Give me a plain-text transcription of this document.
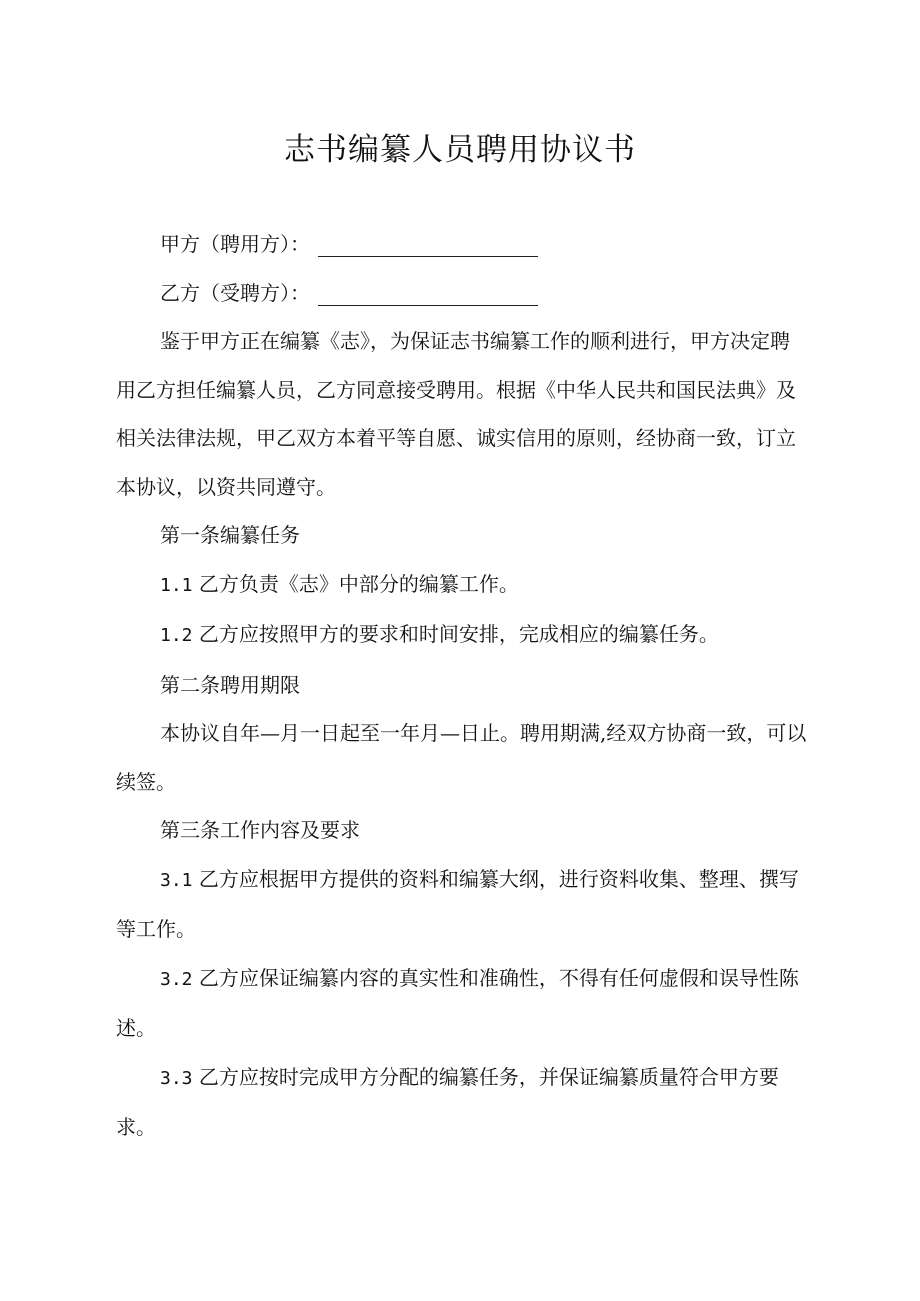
志书编纂人员聘用协议书
甲方（聘用方）：
乙方（受聘方）：
鉴于甲方正在编纂《志》，为保证志书编纂工作的顺利进行，甲方决定聘
用乙方担任编纂人员，乙方同意接受聘用。根据《中华人民共和国民法典》及
相关法律法规，甲乙双方本着平等自愿、诚实信用的原则，经协商一致，订立
本协议，以资共同遵守。
第一条编纂任务
1.1 乙方负责《志》中部分的编纂工作。
1.2 乙方应按照甲方的要求和时间安排，完成相应的编纂任务。
第二条聘用期限
本协议自年—月一日起至一年月—日止。聘用期满,经双方协商一致，可以
续签。
第三条工作内容及要求
3.1 乙方应根据甲方提供的资料和编纂大纲，进行资料收集、整理、撰写
等工作。
3.2 乙方应保证编纂内容的真实性和准确性，不得有任何虚假和误导性陈
述。
3.3 乙方应按时完成甲方分配的编纂任务，并保证编纂质量符合甲方要
求。
